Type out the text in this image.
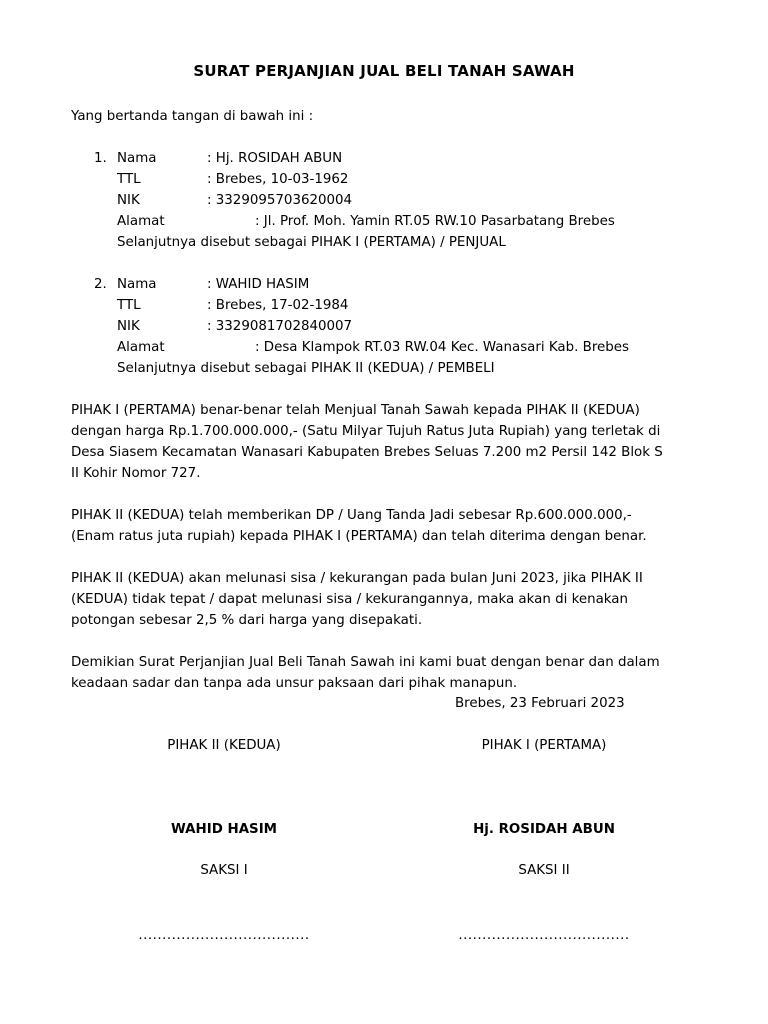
SURAT PERJANJIAN JUAL BELI TANAH SAWAH
Yang bertanda tangan di bawah ini :
1. Nama	: Hj. ROSIDAH ABUN
TTL	: Brebes, 10-03-1962
NIK	: 3329095703620004
Alamat	: Jl. Prof. Moh. Yamin RT.05 RW.10 Pasarbatang Brebes
Selanjutnya disebut sebagai PIHAK I (PERTAMA) / PENJUAL
2. Nama	: WAHID HASIM
TTL	: Brebes, 17-02-1984
NIK	: 3329081702840007
Alamat	: Desa Klampok RT.03 RW.04 Kec. Wanasari Kab. Brebes
Selanjutnya disebut sebagai PIHAK II (KEDUA) / PEMBELI
PIHAK I (PERTAMA) benar-benar telah Menjual Tanah Sawah kepada PIHAK II (KEDUA)
dengan harga Rp.1.700.000.000,- (Satu Milyar Tujuh Ratus Juta Rupiah) yang terletak di
Desa Siasem Kecamatan Wanasari Kabupaten Brebes Seluas 7.200 m2 Persil 142 Blok S
II Kohir Nomor 727.
PIHAK II (KEDUA) telah memberikan DP / Uang Tanda Jadi sebesar Rp.600.000.000,-
(Enam ratus juta rupiah) kepada PIHAK I (PERTAMA) dan telah diterima dengan benar.
PIHAK II (KEDUA) akan melunasi sisa / kekurangan pada bulan Juni 2023, jika PIHAK II
(KEDUA) tidak tepat / dapat melunasi sisa / kekurangannya, maka akan di kenakan
potongan sebesar 2,5 % dari harga yang disepakati.
Demikian Surat Perjanjian Jual Beli Tanah Sawah ini kami buat dengan benar dan dalam
keadaan sadar dan tanpa ada unsur paksaan dari pihak manapun.
Brebes, 23 Februari 2023
PIHAK II (KEDUA)	PIHAK I (PERTAMA)
WAHID HASIM	Hj. ROSIDAH ABUN
SAKSI I	SAKSI II
....................................	....................................
